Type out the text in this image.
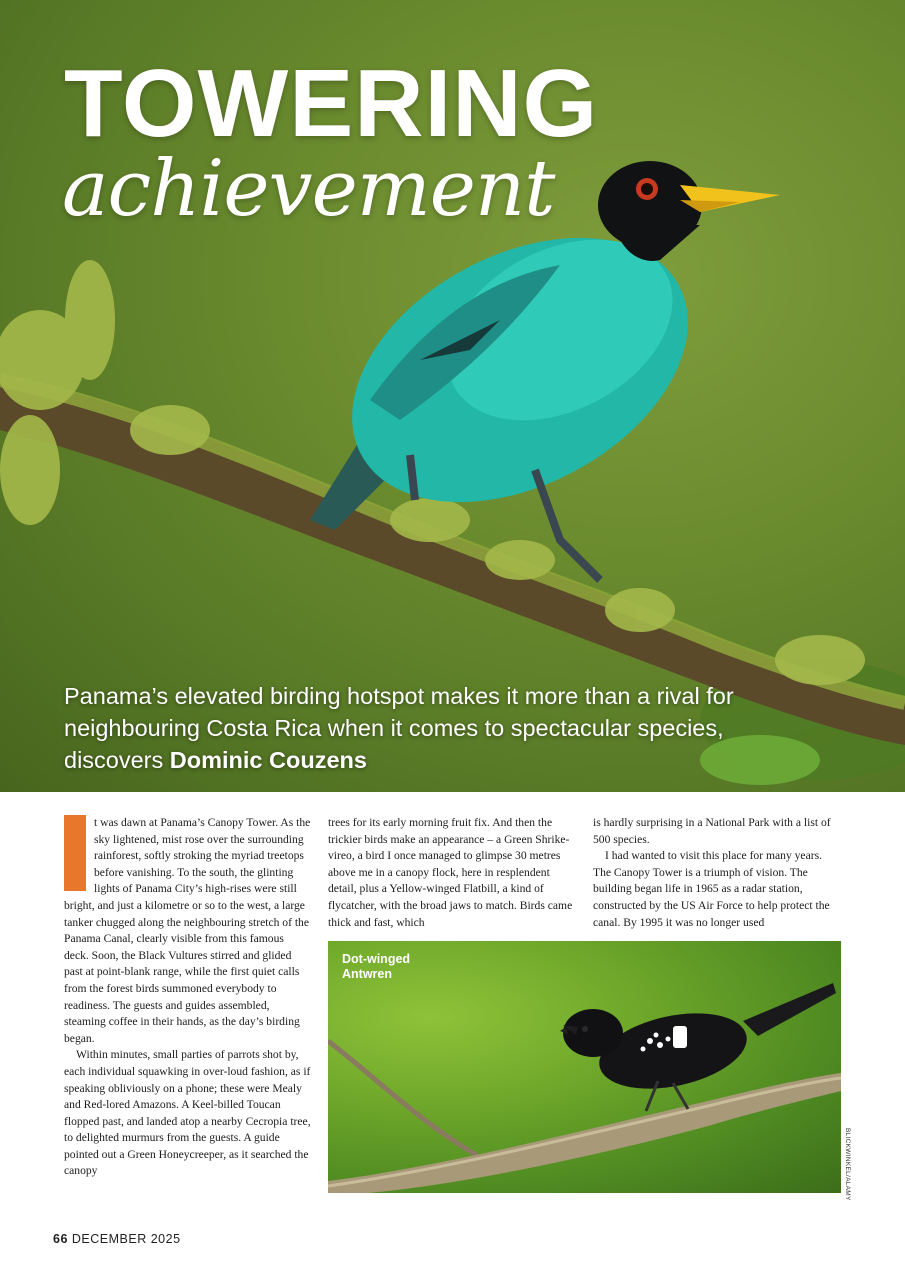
TOWERING
achievement
Panama’s elevated birding hotspot makes it more than a rival for neighbouring Costa Rica when it comes to spectacular species, discovers Dominic Couzens

t was dawn at Panama’s Canopy Tower. As the sky lightened, mist rose over the surrounding rainforest, softly stroking the myriad treetops before vanishing. To the south, the glinting lights of Panama City’s high-rises were still bright, and just a kilometre or so to the west, a large tanker chugged along the neighbouring stretch of the Panama Canal, clearly visible from this famous deck. Soon, the Black Vultures stirred and glided past at point-blank range, while the first quiet calls from the forest birds summoned everybody to readiness. The guests and guides assembled, steaming coffee in their hands, as the day’s birding began.

Within minutes, small parties of parrots shot by, each individual squawking in over-loud fashion, as if speaking obliviously on a phone; these were Mealy and Red-lored Amazons. A Keel-billed Toucan flopped past, and landed atop a nearby Cecropia tree, to delighted murmurs from the guests. A guide pointed out a Green Honeycreeper, as it searched the canopy

trees for its early morning fruit fix. And then the trickier birds make an appearance – a Green Shrike-vireo, a bird I once managed to glimpse 30 metres above me in a canopy flock, here in resplendent detail, plus a Yellow-winged Flatbill, a kind of flycatcher, with the broad jaws to match. Birds came thick and fast, which

is hardly surprising in a National Park with a list of 500 species.

I had wanted to visit this place for many years. The Canopy Tower is a triumph of vision. The building began life in 1965 as a radar station, constructed by the US Air Force to help protect the canal. By 1995 it was no longer used

Dot-winged
Antwren
BLICKWINKEL/ALAMY
66 DECEMBER 2025
